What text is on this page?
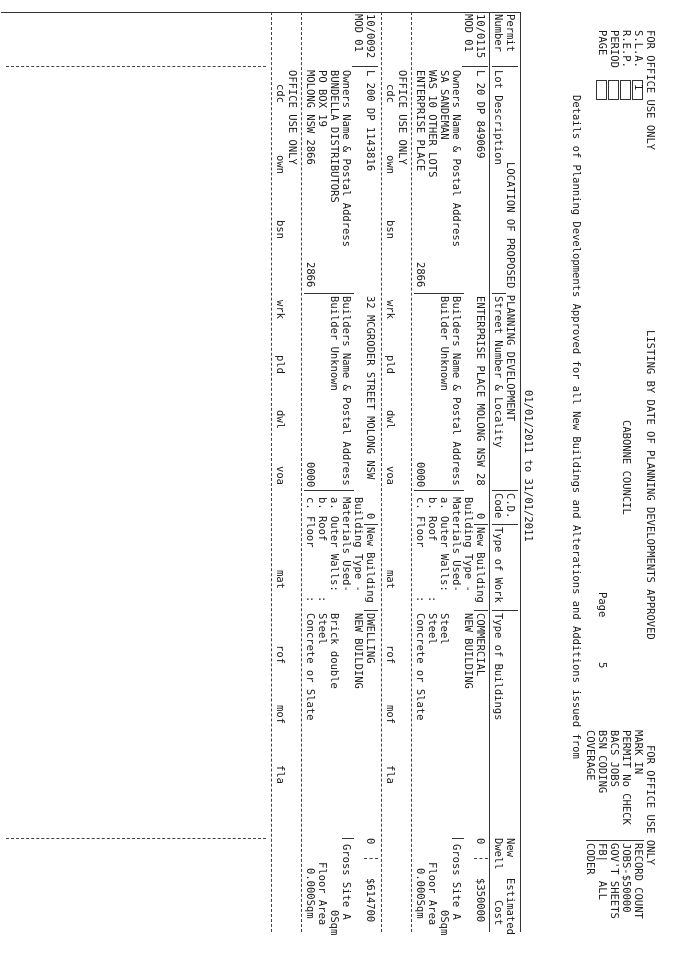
FOR OFFICE USE ONLY
S.L.A.
R.E.P.
PERIOD
PAGE
1
LISTING BY DATE OF PLANNING DEVELOPMENTS APPROVED
CABONNE COUNCIL
Page
5
Details of Planning Developments Approved for all New Buildings and Alterations and Additions issued from
01/01/2011 to 31/01/2011
FOR OFFICE USE ONLY
MARK IN
PERMIT No CHECK
BACS JOBS
BSN CODING
COVERAGE
RECORD COUNT
JOBS-$50000
GOV'T SHEETS
FB|   ALL
CODER
Permit
Number
Lot Description
LOCATION OF PROPOSED PLANNING DEVELOPMENT
Street Number & Locality
C.D.
Code
Type of Work
Type of Buildings
New
Dwell
Estimated
Cost
10/0115
MOD 01
L 20 DP 849069
ENTERPRISE PLACE MOLONG NSW 28
0
New Building
COMMERCIAL
0
$350000
Owners Name & Postal Address
SA SANDEMAN
WAS 10 OTHER LOTS
ENTERPRISE PLACE
2866
Builders Name & Postal Address
Builder Unknown
0000
Building Type -
NEW BUILDING
Materials Used-
a. Outer Walls:
Steel
b. Roof
:
Steel
c. Floor
:
Concrete or Slate
Gross Site A
0Sqm
Floor Area
0.000Sqm
OFFICE USE ONLY
cdc
own
bsn
wrk
pld
dwl
voa
mat
rof
mof
fla
10/0092
MOD 01
L 200 DP 1143816
32 MCGRODER STREET MOLONG NSW
0
New Building
DWELLING
0
$614700
Owners Name & Postal Address
BUNDELLA DISTRIBUTORS
PO BOX 19
MOLONG NSW 2866
2866
Builders Name & Postal Address
Builder Unknown
0000
Building Type -
NEW BUILDING
Materials Used-
a. Outer Walls:
Brick double
b. Roof
:
Steel
c. Floor
:
Concrete or Slate
Gross Site A
0Sqm
Floor Area
0.000Sqm
OFFICE USE ONLY
cdc
own
bsn
wrk
pld
dwl
voa
mat
rof
mof
fla
